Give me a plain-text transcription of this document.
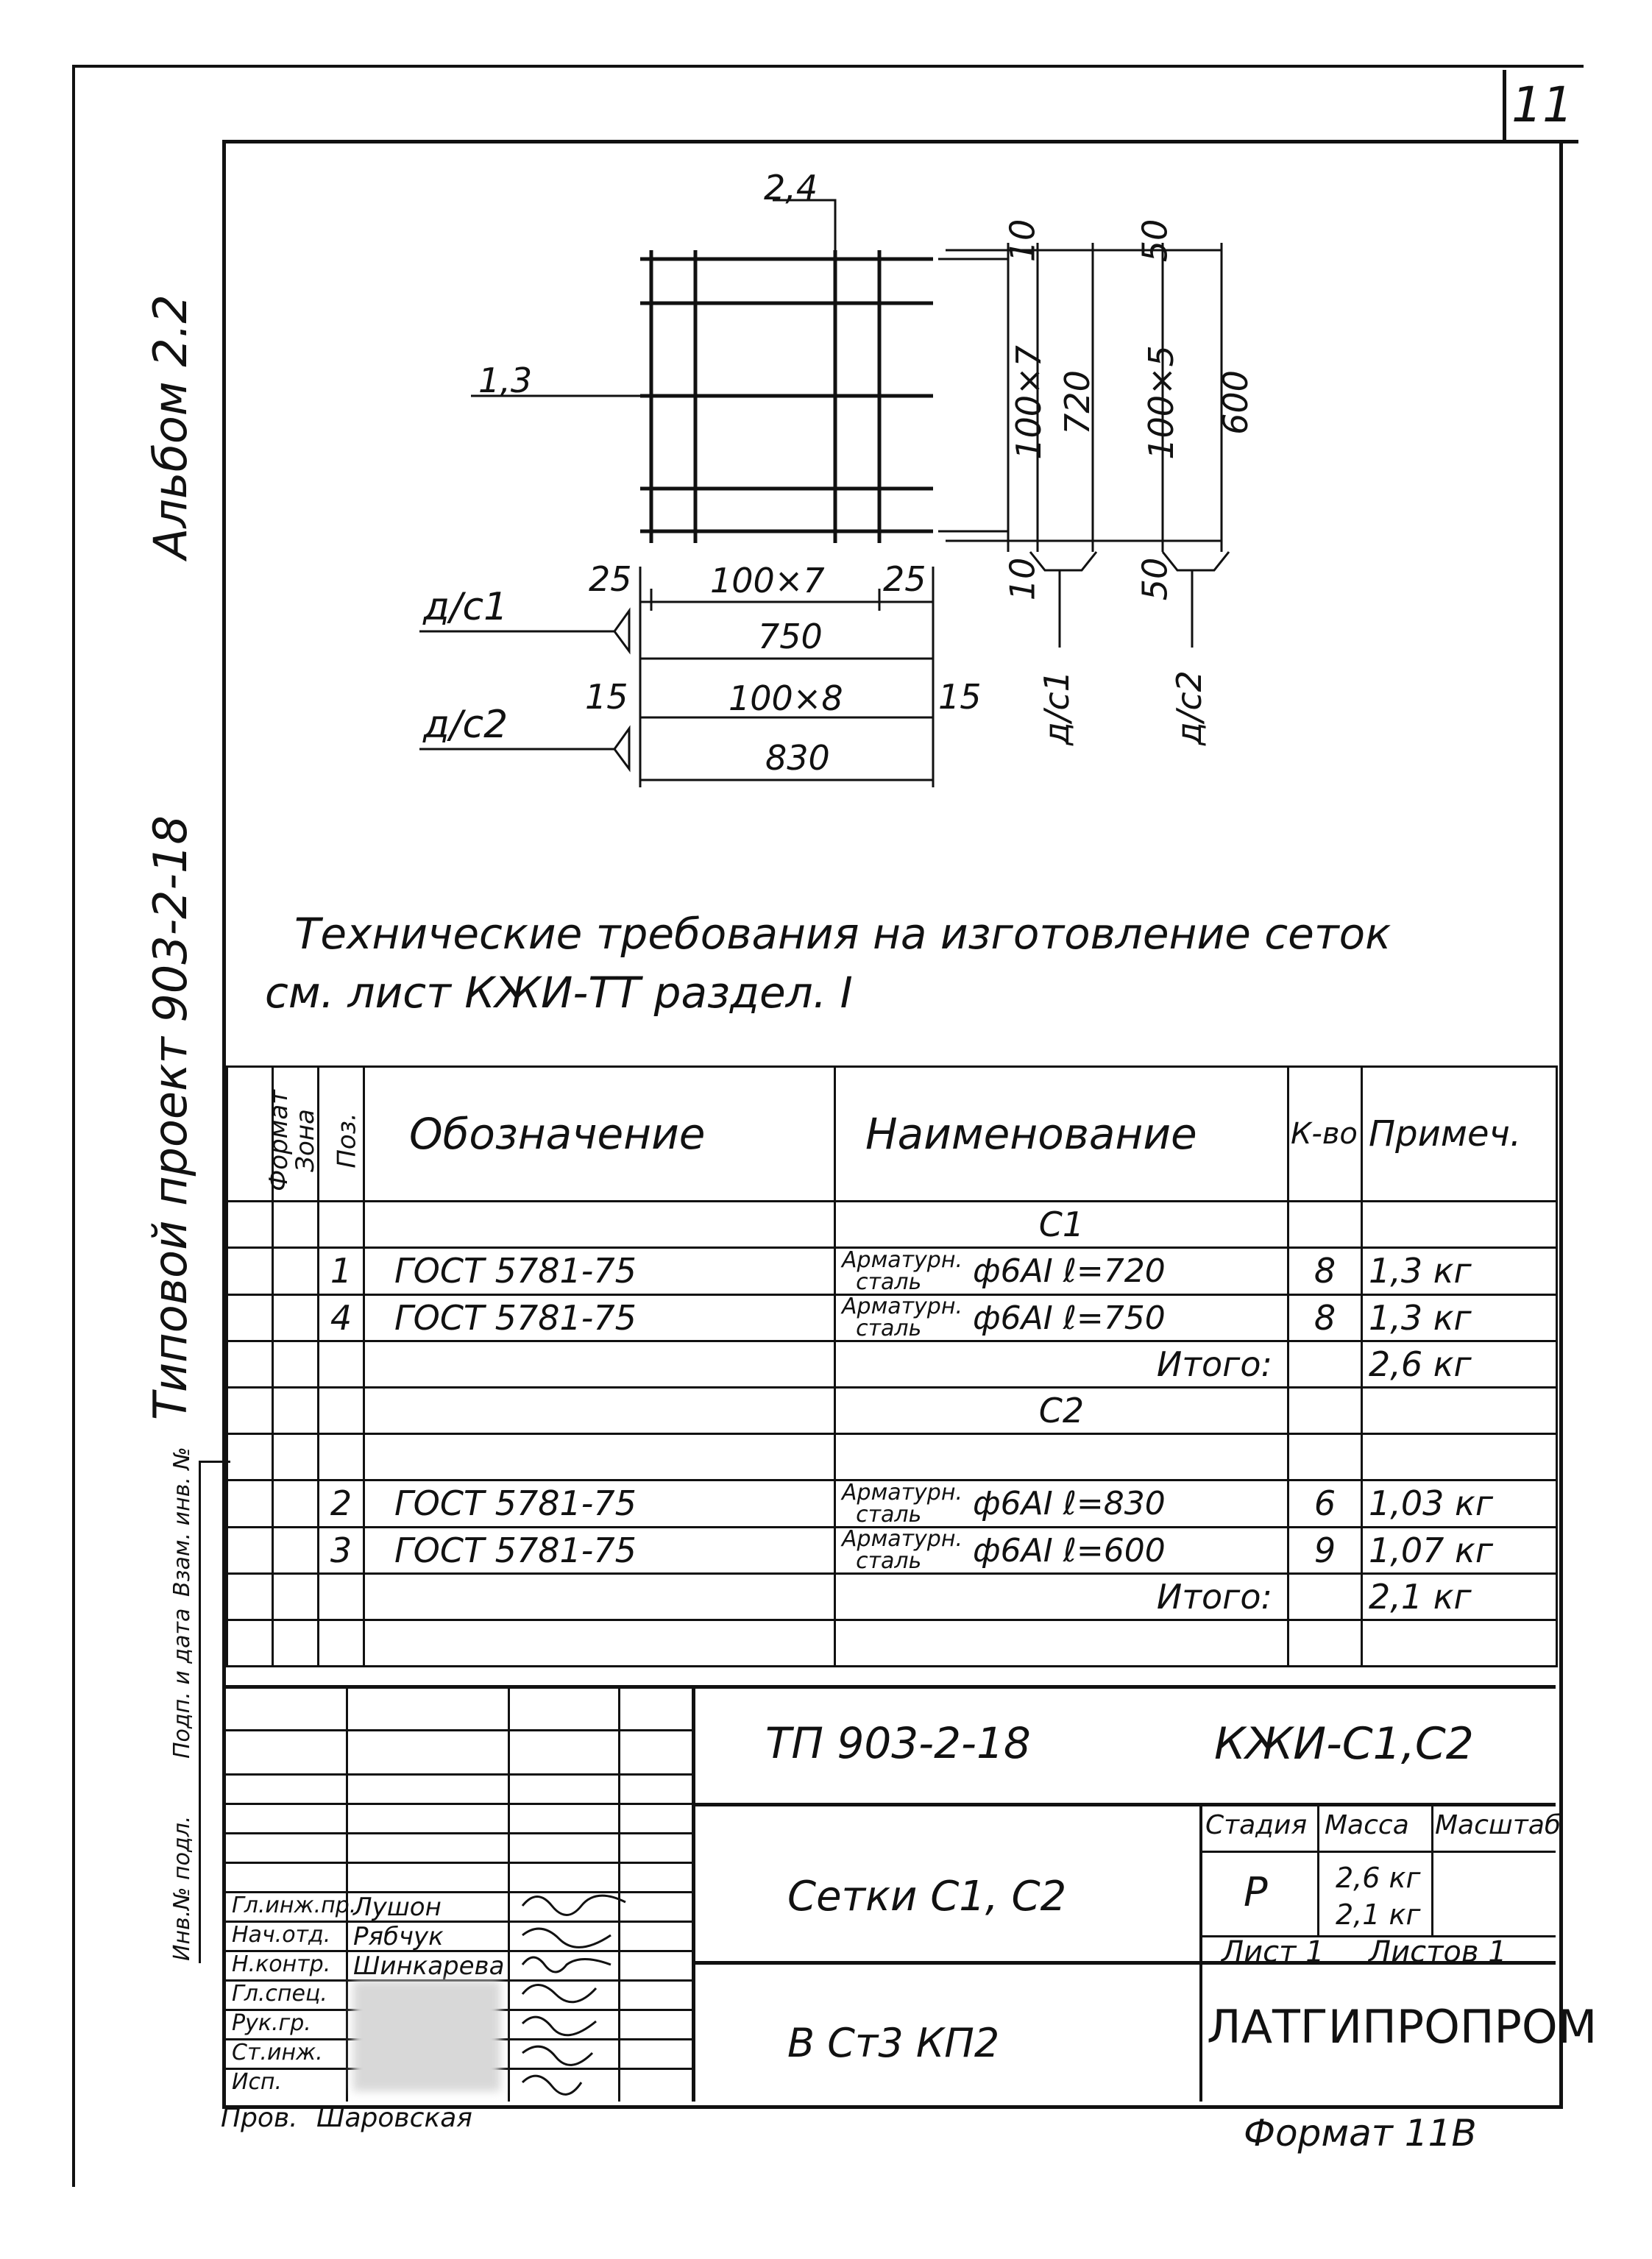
11
Альбом 2.2
Типовой проект 903-2-18
Инв.№ подл.
Подп. и дата
Взам. инв. №
2,4
1,3
10
100×7 720
10
50
100×5 600
50
25 100×7 25
750
15	100×8	15
830
д/с1
д/с2	д/с1	д/с2
Технические требования на изготовление сеток
см. лист КЖИ-ТТ раздел. I
Формат	Зона	Поз.	Обозначение	Наименование	К-во	Примеч.
				С1		
		1	ГОСТ 5781-75	Арматурн.
сталь ф6АI ℓ=720	8	1,3 кг
		4	ГОСТ 5781-75	Арматурн.
сталь ф6АI ℓ=750	8	1,3 кг
				Итого:		2,6 кг
				С2		

		2	ГОСТ 5781-75	Арматурн.
сталь ф6АI ℓ=830	6	1,03 кг
		3	ГОСТ 5781-75	Арматурн.
сталь ф6АI ℓ=600	9	1,07 кг
				Итого:		2,1 кг

ТП 903-2-18	КЖИ-С1,С2
Сетки С1, С2
В Ст3 КП2
Стадия Масса Масштаб
Р 2,6 кг
2,1 кг
Лист 1 Листов 1
ЛАТГИПРОПРОМ
Формат 11В
Гл.инж.пр.
Лушон
Нач.отд. Рябчук
Н.контр. Шинкарева
Гл.спец.
Рук.гр.
Ст.инж.
Исп.
Пров. Шаровская
